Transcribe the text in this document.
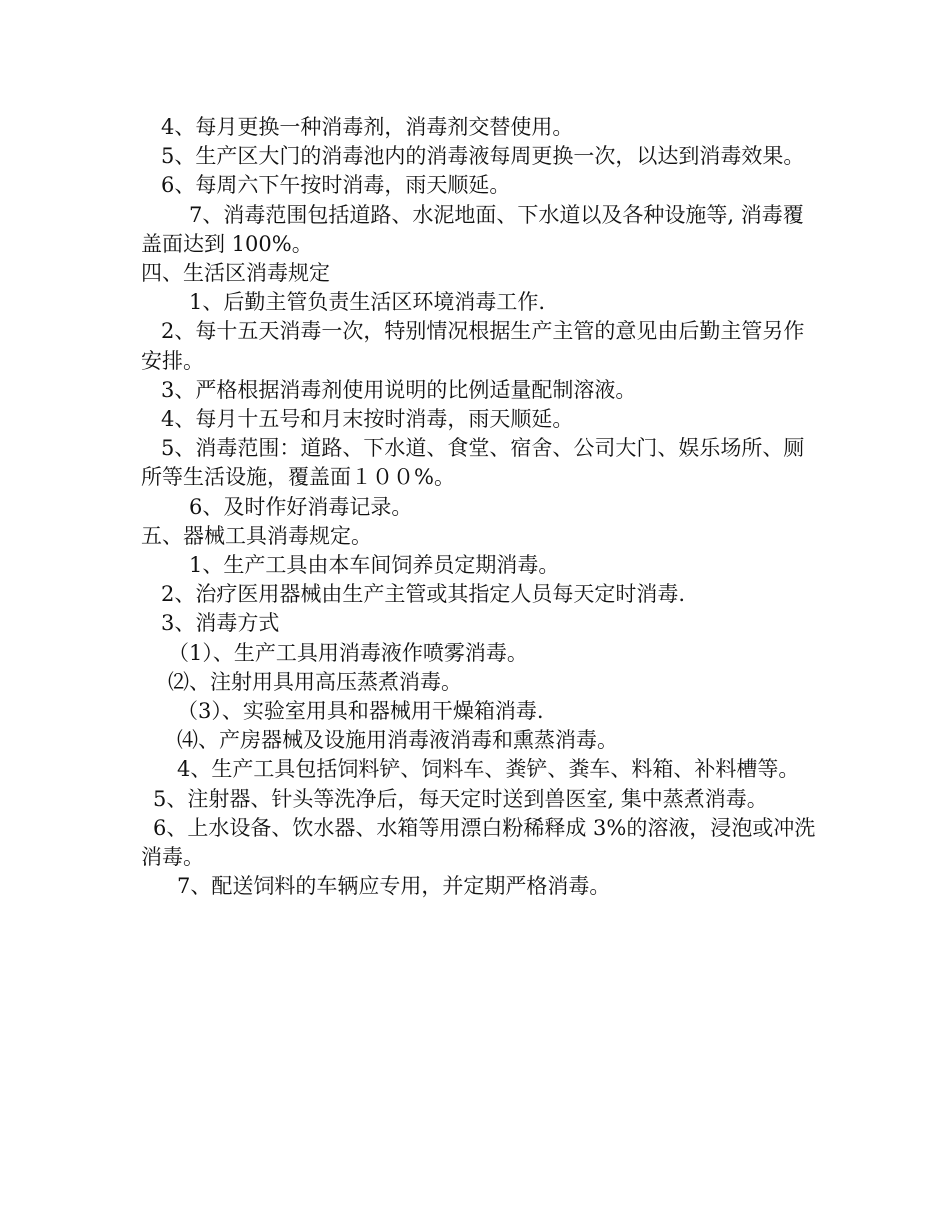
4、每月更换一种消毒剂，消毒剂交替使用。

5、生产区大门的消毒池内的消毒液每周更换一次，以达到消毒效果。

6、每周六下午按时消毒，雨天顺延。

7、消毒范围包括道路、水泥地面、下水道以及各种设施等, 消毒覆盖面达到 100%。

四、生活区消毒规定

1、后勤主管负责生活区环境消毒工作.

2、每十五天消毒一次，特别情况根据生产主管的意见由后勤主管另作安排。

3、严格根据消毒剂使用说明的比例适量配制溶液。

4、每月十五号和月末按时消毒，雨天顺延。

5、消毒范围：道路、下水道、食堂、宿舍、公司大门、娱乐场所、厕所等生活设施，覆盖面１００%。

6、及时作好消毒记录。

五、器械工具消毒规定。

1、生产工具由本车间饲养员定期消毒。

2、治疗医用器械由生产主管或其指定人员每天定时消毒.

3、消毒方式

（1）、生产工具用消毒液作喷雾消毒。

⑵、注射用具用高压蒸煮消毒。

（3）、实验室用具和器械用干燥箱消毒.

⑷、产房器械及设施用消毒液消毒和熏蒸消毒。

4、生产工具包括饲料铲、饲料车、粪铲、粪车、料箱、补料槽等。

5、注射器、针头等洗净后，每天定时送到兽医室, 集中蒸煮消毒。

6、上水设备、饮水器、水箱等用漂白粉稀释成 3%的溶液，浸泡或冲洗消毒。

7、配送饲料的车辆应专用，并定期严格消毒。
